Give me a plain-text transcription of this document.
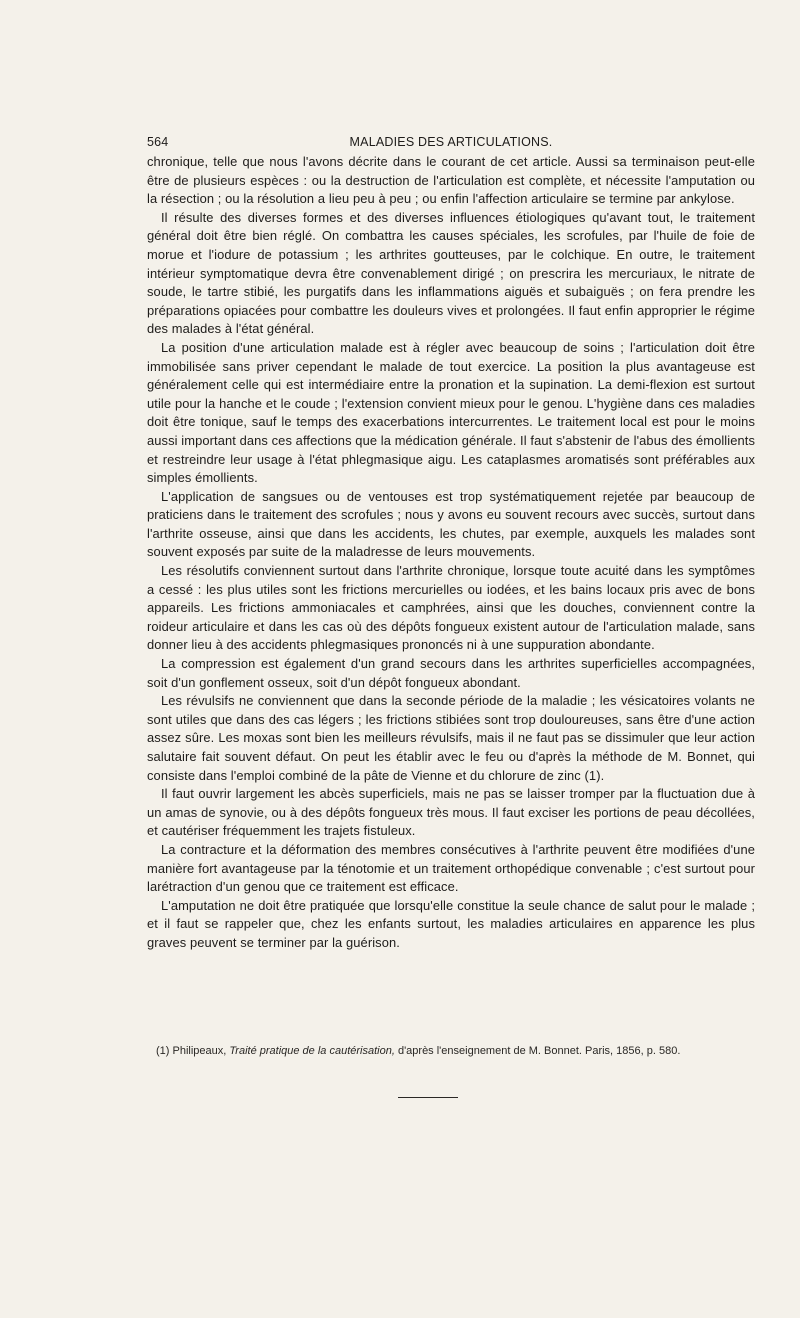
564	MALADIES DES ARTICULATIONS.

chronique, telle que nous l'avons décrite dans le courant de cet article. Aussi sa terminaison peut-elle être de plusieurs espèces : ou la destruction de l'articulation est complète, et nécessite l'amputation ou la résection ; ou la résolution a lieu peu à peu ; ou enfin l'affection articulaire se termine par ankylose.

Il résulte des diverses formes et des diverses influences étiologiques qu'avant tout, le traitement général doit être bien réglé. On combattra les causes spéciales, les scrofules, par l'huile de foie de morue et l'iodure de potassium ; les arthrites goutteuses, par le colchique. En outre, le traitement intérieur symptomatique devra être convenablement dirigé ; on prescrira les mercuriaux, le nitrate de soude, le tartre stibié, les purgatifs dans les inflammations aiguës et subaiguës ; on fera prendre les préparations opiacées pour combattre les douleurs vives et prolongées. Il faut enfin approprier le régime des malades à l'état général.

La position d'une articulation malade est à régler avec beaucoup de soins ; l'articulation doit être immobilisée sans priver cependant le malade de tout exercice. La position la plus avantageuse est généralement celle qui est intermédiaire entre la pronation et la supination. La demi-flexion est surtout utile pour la hanche et le coude ; l'extension convient mieux pour le genou. L'hygiène dans ces maladies doit être tonique, sauf le temps des exacerbations intercurrentes. Le traitement local est pour le moins aussi important dans ces affections que la médication générale. Il faut s'abstenir de l'abus des émollients et restreindre leur usage à l'état phlegmasique aigu. Les cataplasmes aromatisés sont préférables aux simples émollients.

L'application de sangsues ou de ventouses est trop systématiquement rejetée par beaucoup de praticiens dans le traitement des scrofules ; nous y avons eu souvent recours avec succès, surtout dans l'arthrite osseuse, ainsi que dans les accidents, les chutes, par exemple, auxquels les malades sont souvent exposés par suite de la maladresse de leurs mouvements.

Les résolutifs conviennent surtout dans l'arthrite chronique, lorsque toute acuité dans les symptômes a cessé : les plus utiles sont les frictions mercurielles ou iodées, et les bains locaux pris avec de bons appareils. Les frictions ammoniacales et camphrées, ainsi que les douches, conviennent contre la roideur articulaire et dans les cas où des dépôts fongueux existent autour de l'articulation malade, sans donner lieu à des accidents phlegmasiques prononcés ni à une suppuration abondante.

La compression est également d'un grand secours dans les arthrites superficielles accompagnées, soit d'un gonflement osseux, soit d'un dépôt fongueux abondant.

Les révulsifs ne conviennent que dans la seconde période de la maladie ; les vésicatoires volants ne sont utiles que dans des cas légers ; les frictions stibiées sont trop douloureuses, sans être d'une action assez sûre. Les moxas sont bien les meilleurs révulsifs, mais il ne faut pas se dissimuler que leur action salutaire fait souvent défaut. On peut les établir avec le feu ou d'après la méthode de M. Bonnet, qui consiste dans l'emploi combiné de la pâte de Vienne et du chlorure de zinc (1).

Il faut ouvrir largement les abcès superficiels, mais ne pas se laisser tromper par la fluctuation due à un amas de synovie, ou à des dépôts fongueux très mous. Il faut exciser les portions de peau décollées, et cautériser fréquemment les trajets fistuleux.

La contracture et la déformation des membres consécutives à l'arthrite peuvent être modifiées d'une manière fort avantageuse par la ténotomie et un traitement orthopédique convenable ; c'est surtout pour larétraction d'un genou que ce traitement est efficace.

L'amputation ne doit être pratiquée que lorsqu'elle constitue la seule chance de salut pour le malade ; et il faut se rappeler que, chez les enfants surtout, les maladies articulaires en apparence les plus graves peuvent se terminer par la guérison.

(1) Philipeaux, Traité pratique de la cautérisation, d'après l'enseignement de M. Bonnet. Paris, 1856, p. 580.
